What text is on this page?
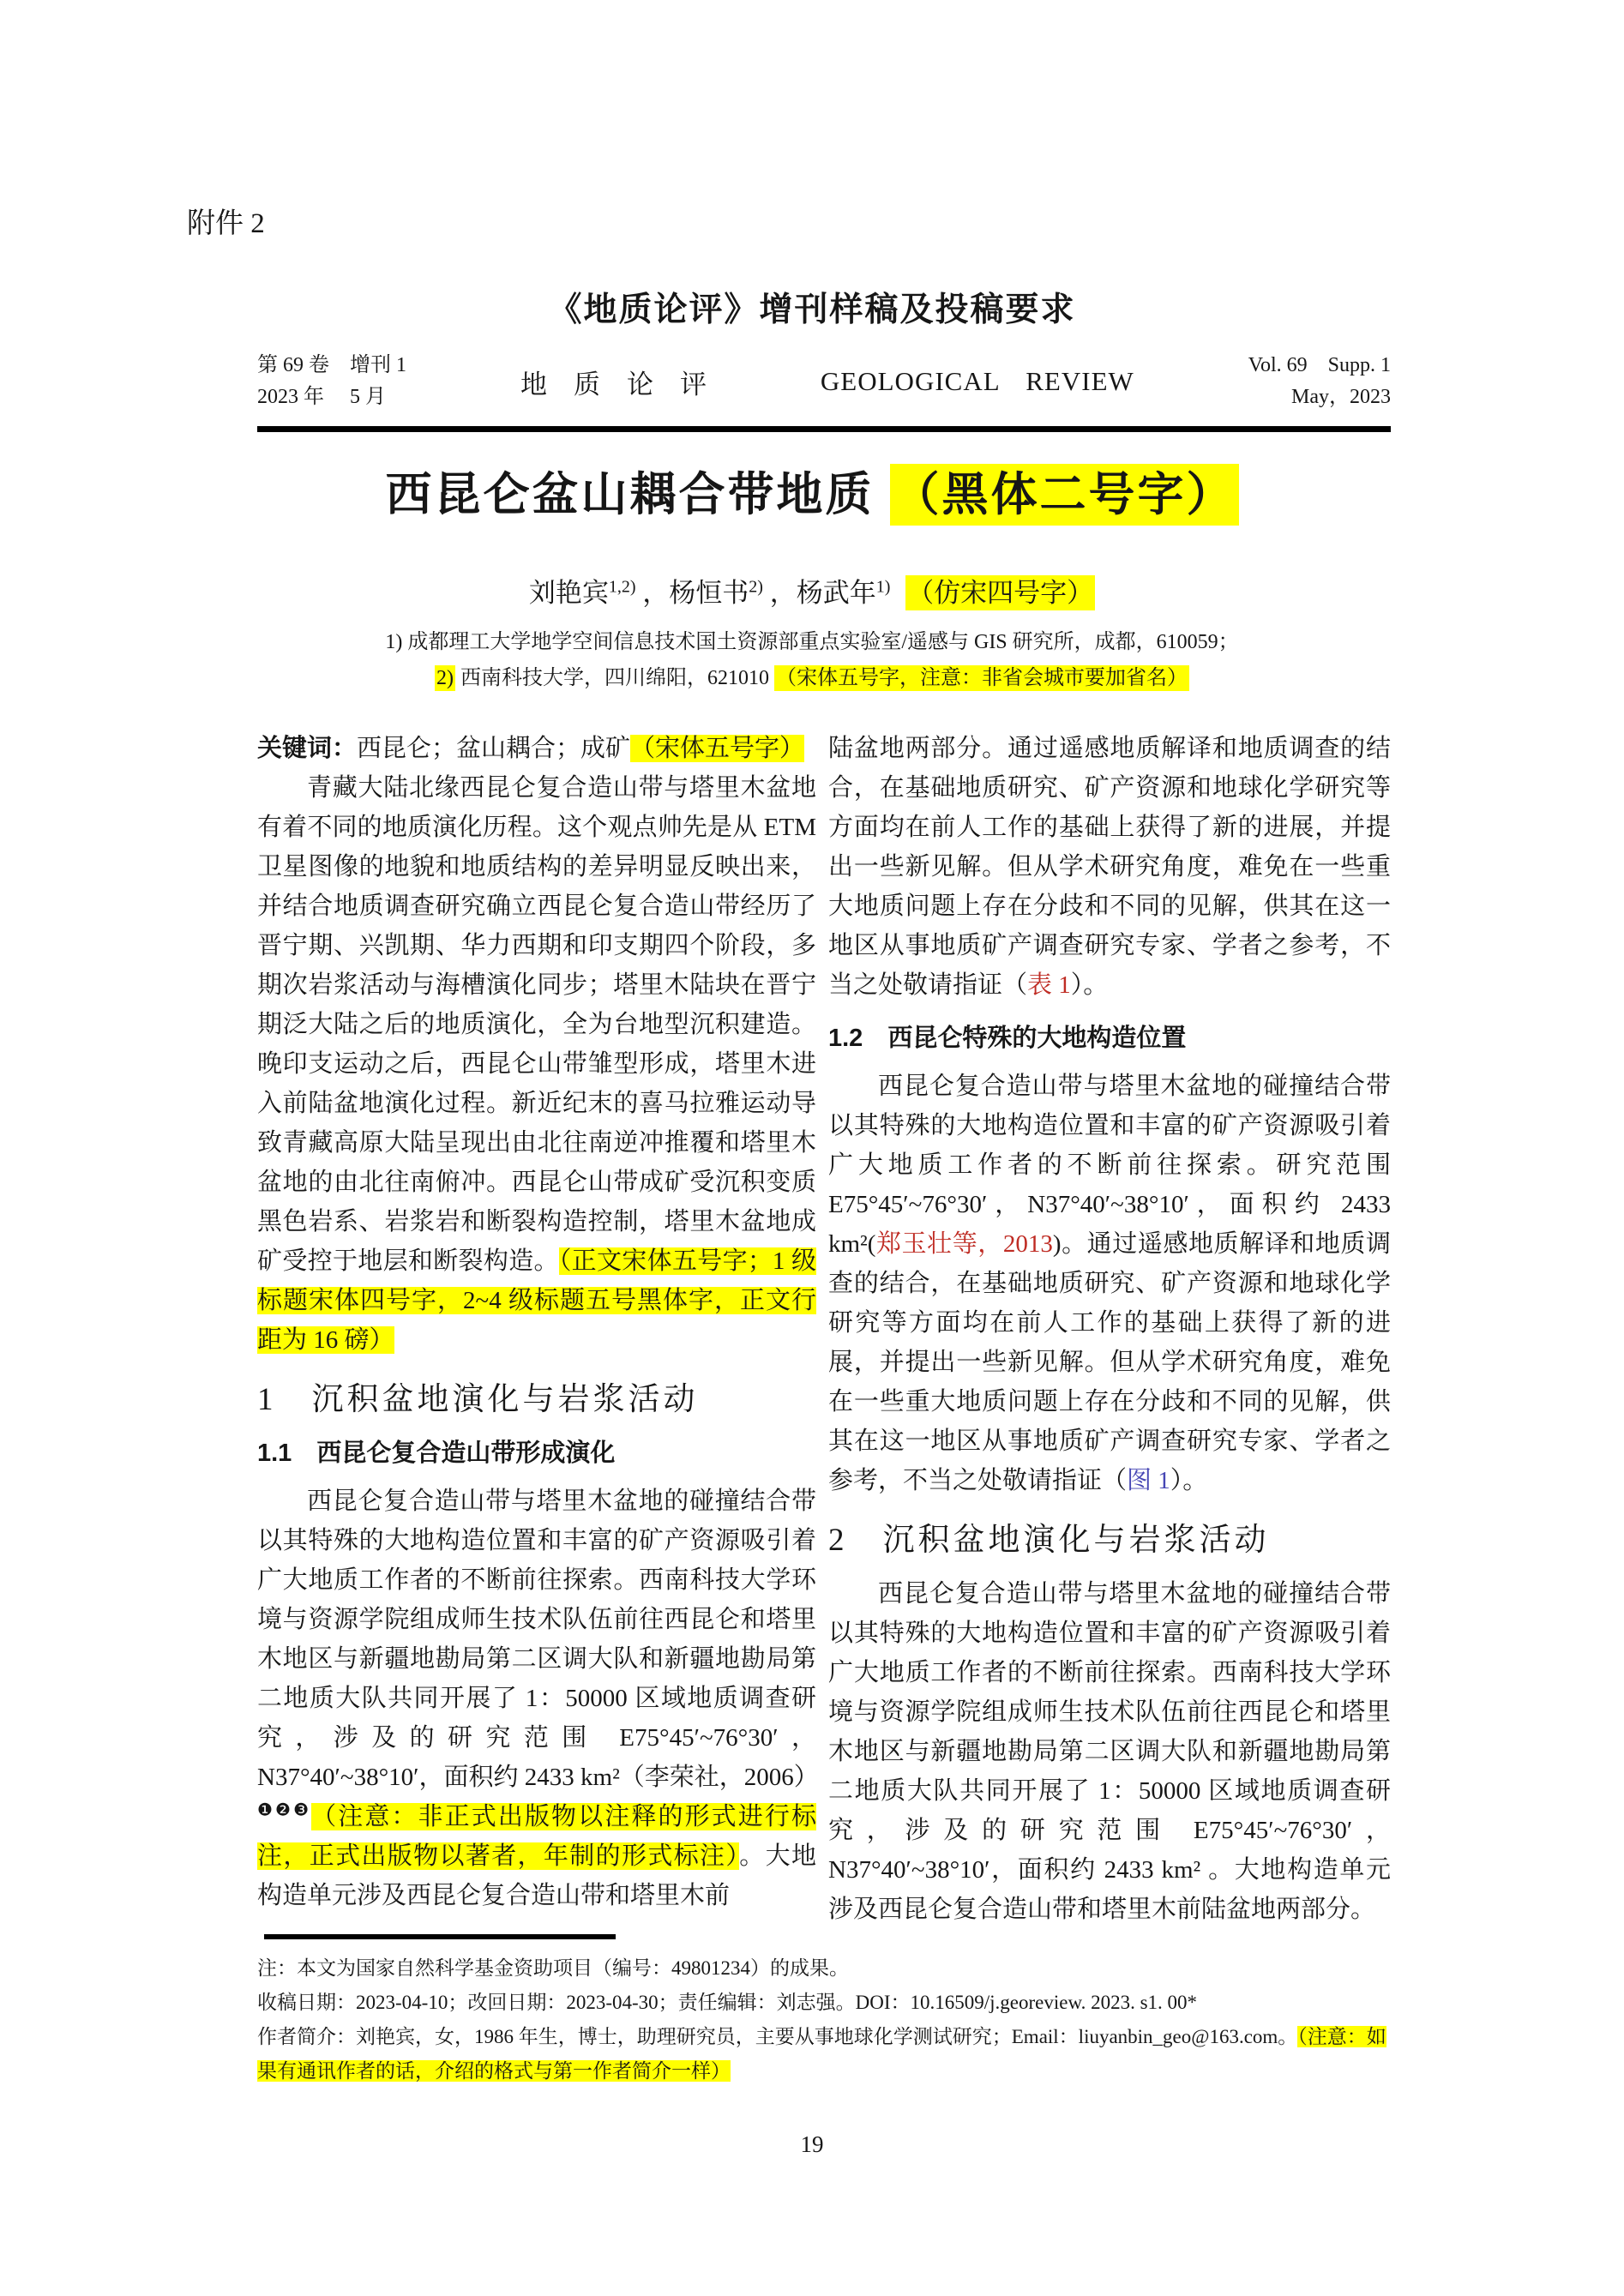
附件 2
《地质论评》增刊样稿及投稿要求
第 69 卷　增刊 1
2023 年　 5 月	地　质　论　评	GEOLOGICAL REVIEW
Vol. 69　Supp. 1
May，2023
西昆仑盆山耦合带地质 （黑体二号字）
刘艳宾$^{1,2)}$ ，杨恒书$^{2)}$ ，杨武年$^{1)}$ （仿宋四号字）
1) 成都理工大学地学空间信息技术国土资源部重点实验室/遥感与 GIS 研究所，成都，610059；
2) 西南科技大学，四川绵阳，621010 （宋体五号字，注意：非省会城市要加省名）

关键词：西昆仑；盆山耦合；成矿（宋体五号字）

青藏大陆北缘西昆仑复合造山带与塔里木盆地有着不同的地质演化历程。这个观点帅先是从 ETM 卫星图像的地貌和地质结构的差异明显反映出来，并结合地质调查研究确立西昆仑复合造山带经历了晋宁期、兴凯期、华力西期和印支期四个阶段，多期次岩浆活动与海槽演化同步；塔里木陆块在晋宁期泛大陆之后的地质演化，全为台地型沉积建造。晚印支运动之后，西昆仑山带雏型形成，塔里木进入前陆盆地演化过程。新近纪末的喜马拉雅运动导致青藏高原大陆呈现出由北往南逆冲推覆和塔里木盆地的由北往南俯冲。西昆仑山带成矿受沉积变质黑色岩系、岩浆岩和断裂构造控制，塔里木盆地成矿受控于地层和断裂构造。（正文宋体五号字；1 级标题宋体四号字，2~4 级标题五号黑体字，正文行距为 16 磅）

1　沉积盆地演化与岩浆活动
1.1　西昆仑复合造山带形成演化

西昆仑复合造山带与塔里木盆地的碰撞结合带以其特殊的大地构造位置和丰富的矿产资源吸引着广大地质工作者的不断前往探索。西南科技大学环境与资源学院组成师生技术队伍前往西昆仑和塔里木地区与新疆地勘局第二区调大队和新疆地勘局第二地质大队共同开展了 1：50000 区域地质调查研究，涉及的研究范围 E75°45′~76°30′，N37°40′~38°10′，面积约 2433 km²（李荣社，2006）$^{❶❷❸}$（注意：非正式出版物以注释的形式进行标注，正式出版物以著者，年制的形式标注）。大地构造单元涉及西昆仑复合造山带和塔里木前

陆盆地两部分。通过遥感地质解译和地质调查的结合，在基础地质研究、矿产资源和地球化学研究等方面均在前人工作的基础上获得了新的进展，并提出一些新见解。但从学术研究角度，难免在一些重大地质问题上存在分歧和不同的见解，供其在这一地区从事地质矿产调查研究专家、学者之参考，不当之处敬请指证（表 1）。

1.2　西昆仑特殊的大地构造位置

西昆仑复合造山带与塔里木盆地的碰撞结合带以其特殊的大地构造位置和丰富的矿产资源吸引着广大地质工作者的不断前往探索。研究范围 E75°45′~76°30′，N37°40′~38°10′，面积约 2433 km²(郑玉壮等，2013)。通过遥感地质解译和地质调查的结合，在基础地质研究、矿产资源和地球化学研究等方面均在前人工作的基础上获得了新的进展，并提出一些新见解。但从学术研究角度，难免在一些重大地质问题上存在分歧和不同的见解，供其在这一地区从事地质矿产调查研究专家、学者之参考，不当之处敬请指证（图 1）。

2　沉积盆地演化与岩浆活动

西昆仑复合造山带与塔里木盆地的碰撞结合带以其特殊的大地构造位置和丰富的矿产资源吸引着广大地质工作者的不断前往探索。西南科技大学环境与资源学院组成师生技术队伍前往西昆仑和塔里木地区与新疆地勘局第二区调大队和新疆地勘局第二地质大队共同开展了 1：50000 区域地质调查研究，涉及的研究范围 E75°45′~76°30′，N37°40′~38°10′，面积约 2433 km² 。大地构造单元涉及西昆仑复合造山带和塔里木前陆盆地两部分。

注：本文为国家自然科学基金资助项目（编号：49801234）的成果。

收稿日期：2023-04-10；改回日期：2023-04-30；责任编辑：刘志强。DOI：10.16509/j.georeview. 2023. s1. 00*

作者简介：刘艳宾，女，1986 年生，博士，助理研究员，主要从事地球化学测试研究；Email：liuyanbin_geo@163.com。（注意：如果有通讯作者的话，介绍的格式与第一作者简介一样）

19
